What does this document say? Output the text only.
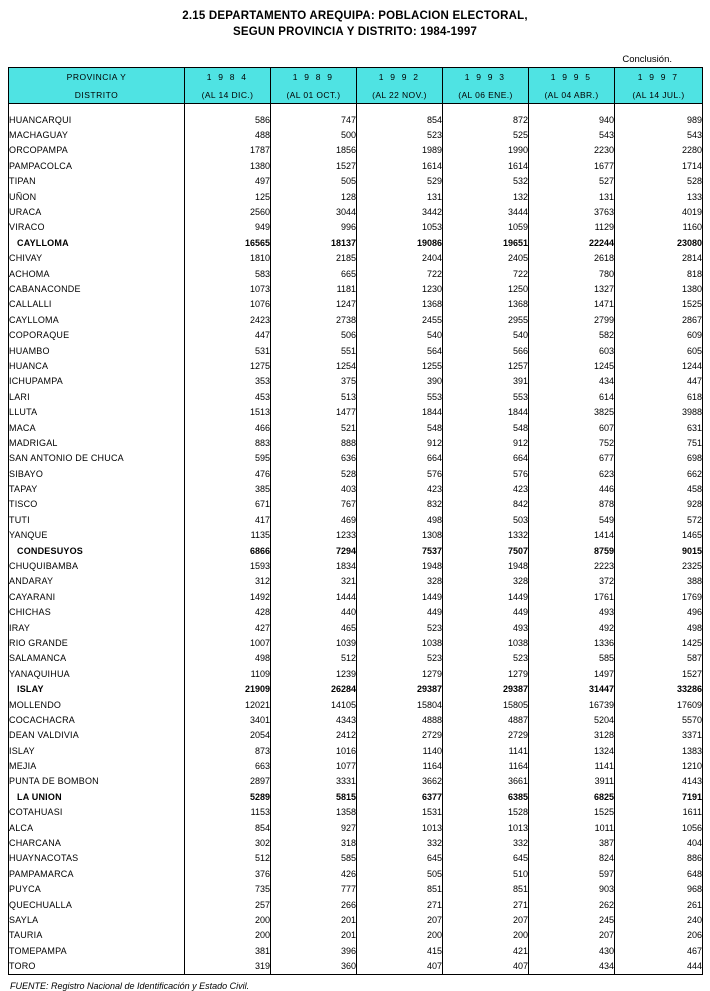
2.15 DEPARTAMENTO AREQUIPA: POBLACION ELECTORAL,
SEGUN PROVINCIA Y DISTRITO: 1984-1997
Conclusión.
PROVINCIA Y	1 9 8 4	1 9 8 9	1 9 9 2	1 9 9 3	1 9 9 5	1 9 9 7
DISTRITO	(AL 14 DIC.)	(AL 01 OCT.)	(AL 22 NOV.)	(AL 06 ENE.)	(AL 04 ABR.)	(AL 14 JUL.)

HUANCARQUI	586	747	854	872	940	989
MACHAGUAY	488	500	523	525	543	543
ORCOPAMPA	1787	1856	1989	1990	2230	2280
PAMPACOLCA	1380	1527	1614	1614	1677	1714
TIPAN	497	505	529	532	527	528
UÑON	125	128	131	132	131	133
URACA	2560	3044	3442	3444	3763	4019
VIRACO	949	996	1053	1059	1129	1160
CAYLLOMA	16565	18137	19086	19651	22244	23080
CHIVAY	1810	2185	2404	2405	2618	2814
ACHOMA	583	665	722	722	780	818
CABANACONDE	1073	1181	1230	1250	1327	1380
CALLALLI	1076	1247	1368	1368	1471	1525
CAYLLOMA	2423	2738	2455	2955	2799	2867
COPORAQUE	447	506	540	540	582	609
HUAMBO	531	551	564	566	603	605
HUANCA	1275	1254	1255	1257	1245	1244
ICHUPAMPA	353	375	390	391	434	447
LARI	453	513	553	553	614	618
LLUTA	1513	1477	1844	1844	3825	3988
MACA	466	521	548	548	607	631
MADRIGAL	883	888	912	912	752	751
SAN ANTONIO DE CHUCA	595	636	664	664	677	698
SIBAYO	476	528	576	576	623	662
TAPAY	385	403	423	423	446	458
TISCO	671	767	832	842	878	928
TUTI	417	469	498	503	549	572
YANQUE	1135	1233	1308	1332	1414	1465
CONDESUYOS	6866	7294	7537	7507	8759	9015
CHUQUIBAMBA	1593	1834	1948	1948	2223	2325
ANDARAY	312	321	328	328	372	388
CAYARANI	1492	1444	1449	1449	1761	1769
CHICHAS	428	440	449	449	493	496
IRAY	427	465	523	493	492	498
RIO GRANDE	1007	1039	1038	1038	1336	1425
SALAMANCA	498	512	523	523	585	587
YANAQUIHUA	1109	1239	1279	1279	1497	1527
ISLAY	21909	26284	29387	29387	31447	33286
MOLLENDO	12021	14105	15804	15805	16739	17609
COCACHACRA	3401	4343	4888	4887	5204	5570
DEAN VALDIVIA	2054	2412	2729	2729	3128	3371
ISLAY	873	1016	1140	1141	1324	1383
MEJIA	663	1077	1164	1164	1141	1210
PUNTA DE BOMBON	2897	3331	3662	3661	3911	4143
LA UNION	5289	5815	6377	6385	6825	7191
COTAHUASI	1153	1358	1531	1528	1525	1611
ALCA	854	927	1013	1013	1011	1056
CHARCANA	302	318	332	332	387	404
HUAYNACOTAS	512	585	645	645	824	886
PAMPAMARCA	376	426	505	510	597	648
PUYCA	735	777	851	851	903	968
QUECHUALLA	257	266	271	271	262	261
SAYLA	200	201	207	207	245	240
TAURIA	200	201	200	200	207	206
TOMEPAMPA	381	396	415	421	430	467
TORO	319	360	407	407	434	444
FUENTE: Registro Nacional de Identificación y Estado Civil.
